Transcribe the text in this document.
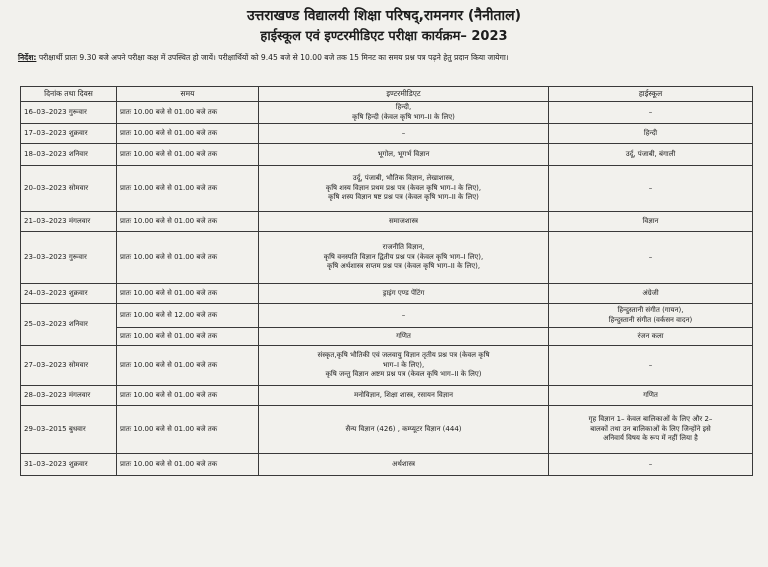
उत्तराखण्ड विद्यालयी शिक्षा परिषद्,रामनगर (नैनीताल)
हाईस्कूल एवं इण्टरमीडिएट परीक्षा कार्यक्रम– 2023
निर्देश: परीक्षार्थी प्रातः 9.30 बजे अपने परीक्षा कक्ष में उपस्थित हो जायें। परीक्षार्थियों को 9.45 बजे से 10.00 बजे तक 15 मिनट का समय प्रश्न पत्र पढ़ने हेतु प्रदान किया जायेगा।
दिनांक तथा दिवस	समय	इण्टरमीडिएट	हाईस्कूल

16–03–2023 गुरूवार	प्रातः 10.00 बजे से 01.00 बजे तक	हिन्दी,
कृषि हिन्दी (केवल कृषि भाग–II के लिए)	–

17–03–2023 शुक्रवार	प्रातः 10.00 बजे से 01.00 बजे तक	–	हिन्दी

18–03–2023 शनिवार	प्रातः 10.00 बजे से 01.00 बजे तक	भूगोल, भूगर्भ विज्ञान	उर्दू, पंजाबी, बंगाली

20–03–2023 सोमवार	प्रातः 10.00 बजे से 01.00 बजे तक	उर्दू, पंजाबी, भौतिक विज्ञान, लेखाशास्त्र,
कृषि शस्य विज्ञान प्रथम प्रश्न पत्र (केवल कृषि भाग–I के लिए),
कृषि शस्य विज्ञान षष्ट प्रश्न पत्र (केवल कृषि भाग–II के लिए)	–

21–03–2023 मंगलवार	प्रातः 10.00 बजे से 01.00 बजे तक	समाजशास्त्र	विज्ञान

23–03–2023 गुरूवार	प्रातः 10.00 बजे से 01.00 बजे तक	राजनीति विज्ञान,
कृषि वनस्पति विज्ञान द्वितीय प्रश्न पत्र (केवल कृषि भाग–I लिए),
कृषि अर्थशास्त्र सप्तम प्रश्न पत्र (केवल कृषि भाग–II के लिए),	–

24–03–2023 शुक्रवार	प्रातः 10.00 बजे से 01.00 बजे तक	ड्राइंग एण्ड पेंटिंग	अंग्रेजी

25–03–2023 शनिवार	प्रातः 10.00 बजे से 12.00 बजे तक	–	हिन्दुस्तानी संगीत (गायन),
हिन्दुस्तानी संगीत (वर्कसन वादन)

	प्रातः 10.00 बजे से 01.00 बजे तक	गणित	रंजन कला

27–03–2023 सोमवार	प्रातः 10.00 बजे से 01.00 बजे तक	संस्कृत,कृषि भौतिकी एवं जलवायु विज्ञान तृतीय प्रश्न पत्र (केवल कृषि
भाग–I के लिए),
कृषि जन्तु विज्ञान अष्टम प्रश्न पत्र (केवल कृषि भाग–II के लिए)	–

28–03–2023 मंगलवार	प्रातः 10.00 बजे से 01.00 बजे तक	मनोविज्ञान, शिक्षा शास्त्र, रसायन विज्ञान	गणित

29–03–2015 बुधवार	प्रातः 10.00 बजे से 01.00 बजे तक	सैन्य विज्ञान (426) , कम्प्यूटर विज्ञान (444)	गृह विज्ञान 1– केवल बालिकाओं के लिए और 2–
बालकों तथा उन बालिकाओं के लिए जिन्होंने इसे
अनिवार्य विषय के रूप में नहीं लिया है

31–03–2023 शुक्रवार	प्रातः 10.00 बजे से 01.00 बजे तक	अर्थशास्त्र	–
